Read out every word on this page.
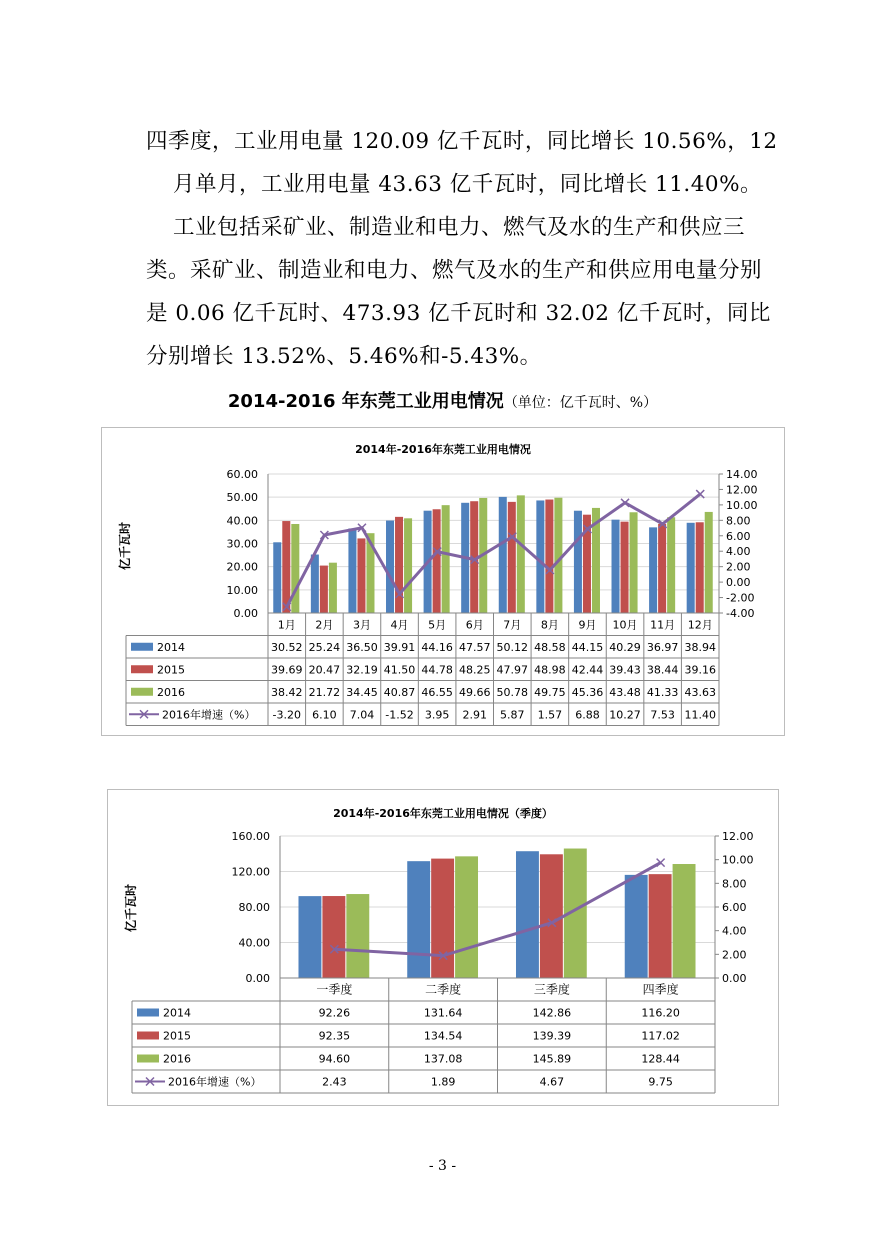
四季度，工业用电量 120.09 亿千瓦时，同比增长 10.56%，12 月单月，工业用电量 43.63 亿千瓦时，同比增长 11.40%。

工业包括采矿业、制造业和电力、燃气及水的生产和供应三类。采矿业、制造业和电力、燃气及水的生产和供应用电量分别是 0.06 亿千瓦时、473.93 亿千瓦时和 32.02 亿千瓦时，同比分别增长 13.52%、5.46%和-5.43%。

2014-2016 年东莞工业用电情况（单位：亿千瓦时、%）
2014年-2016年东莞工业用电情况
亿千瓦时
60.00
50.00
40.00
30.00
20.00
10.00
0.00
14.00
12.00
10.00
8.00
6.00
4.00
2.00
0.00
-2.00
-4.00
1月 2月 3月 4月 5月 6月 7月 8月 9月 10月 11月 12月
2014	30.52 25.24 36.50 39.91 44.16 47.57 50.12 48.58 44.15 40.29 36.97 38.94
2015	39.69 20.47 32.19 41.50 44.78 48.25 47.97 48.98 42.44 39.43 38.44 39.16
2016	38.42 21.72 34.45 40.87 46.55 49.66 50.78 49.75 45.36 43.48 41.33 43.63
2016年增速（%） -3.20 6.10 7.04 -1.52 3.95 2.91 5.87 1.57 6.88 10.27 7.53 11.40
2014年-2016年东莞工业用电情况（季度）
亿千瓦时
160.00
120.00
80.00
40.00
0.00
12.00
10.00
8.00
6.00
4.00
2.00
0.00
一季度	二季度	三季度	四季度
2014	92.26	131.64	142.86	116.20
2015	92.35	134.54	139.39	117.02
2016	94.60	137.08	145.89	128.44
2016年增速（%）	2.43	1.89	4.67	9.75
- 3 -
